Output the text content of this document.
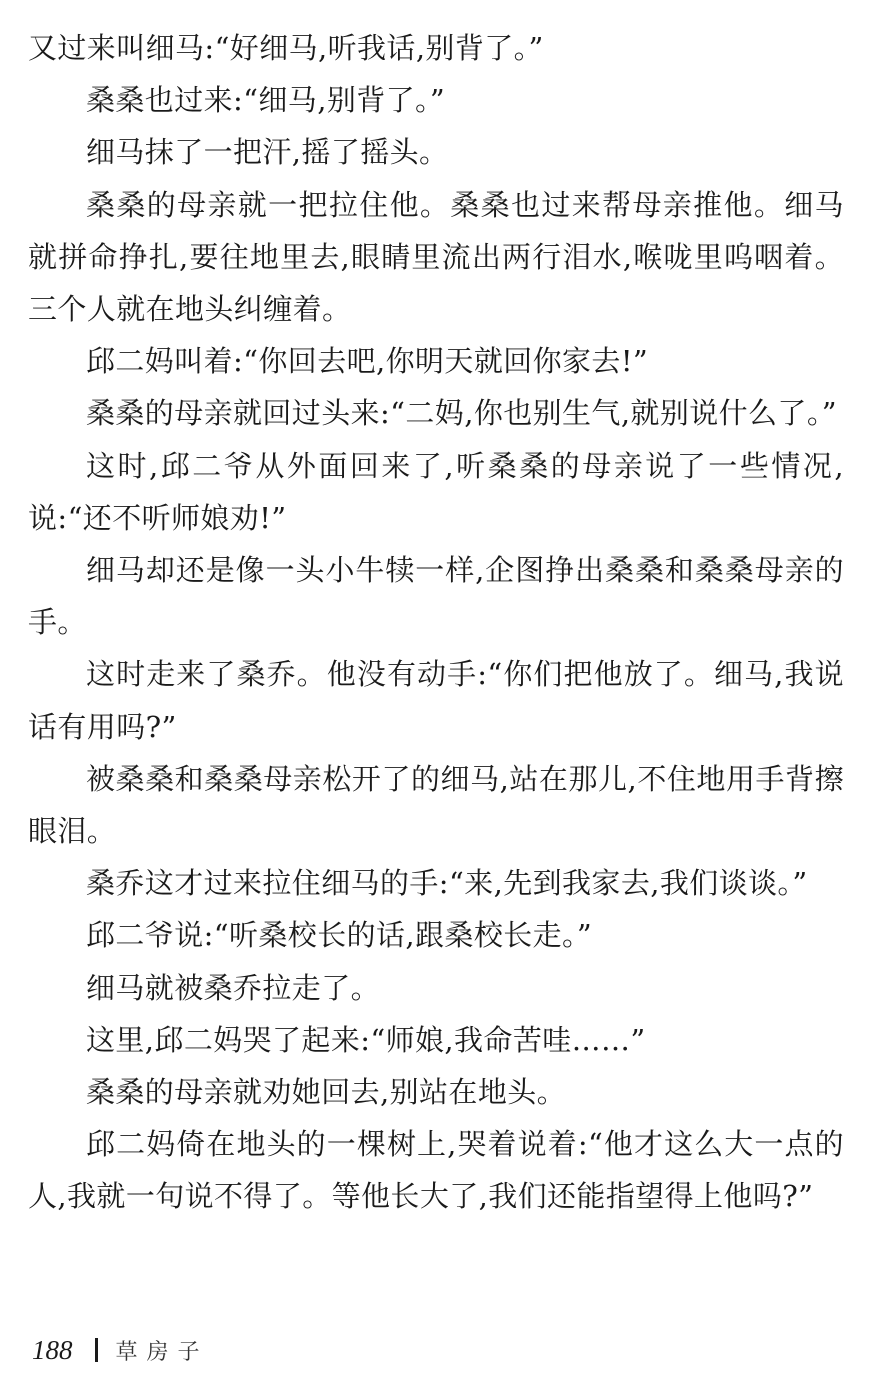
又过来叫细马:“好细马,听我话,别背了。”

桑桑也过来:“细马,别背了。”

细马抹了一把汗,摇了摇头。

桑桑的母亲就一把拉住他。桑桑也过来帮母亲推他。细马就拼命挣扎,要往地里去,眼睛里流出两行泪水,喉咙里呜咽着。三个人就在地头纠缠着。

邱二妈叫着:“你回去吧,你明天就回你家去!”

桑桑的母亲就回过头来:“二妈,你也别生气,就别说什么了。”

这时,邱二爷从外面回来了,听桑桑的母亲说了一些情况,说:“还不听师娘劝!”

细马却还是像一头小牛犊一样,企图挣出桑桑和桑桑母亲的手。

这时走来了桑乔。他没有动手:“你们把他放了。细马,我说话有用吗?”

被桑桑和桑桑母亲松开了的细马,站在那儿,不住地用手背擦眼泪。

桑乔这才过来拉住细马的手:“来,先到我家去,我们谈谈。”

邱二爷说:“听桑校长的话,跟桑校长走。”

细马就被桑乔拉走了。

这里,邱二妈哭了起来:“师娘,我命苦哇……”

桑桑的母亲就劝她回去,别站在地头。

邱二妈倚在地头的一棵树上,哭着说着:“他才这么大一点的人,我就一句说不得了。等他长大了,我们还能指望得上他吗?”

188 草房子
